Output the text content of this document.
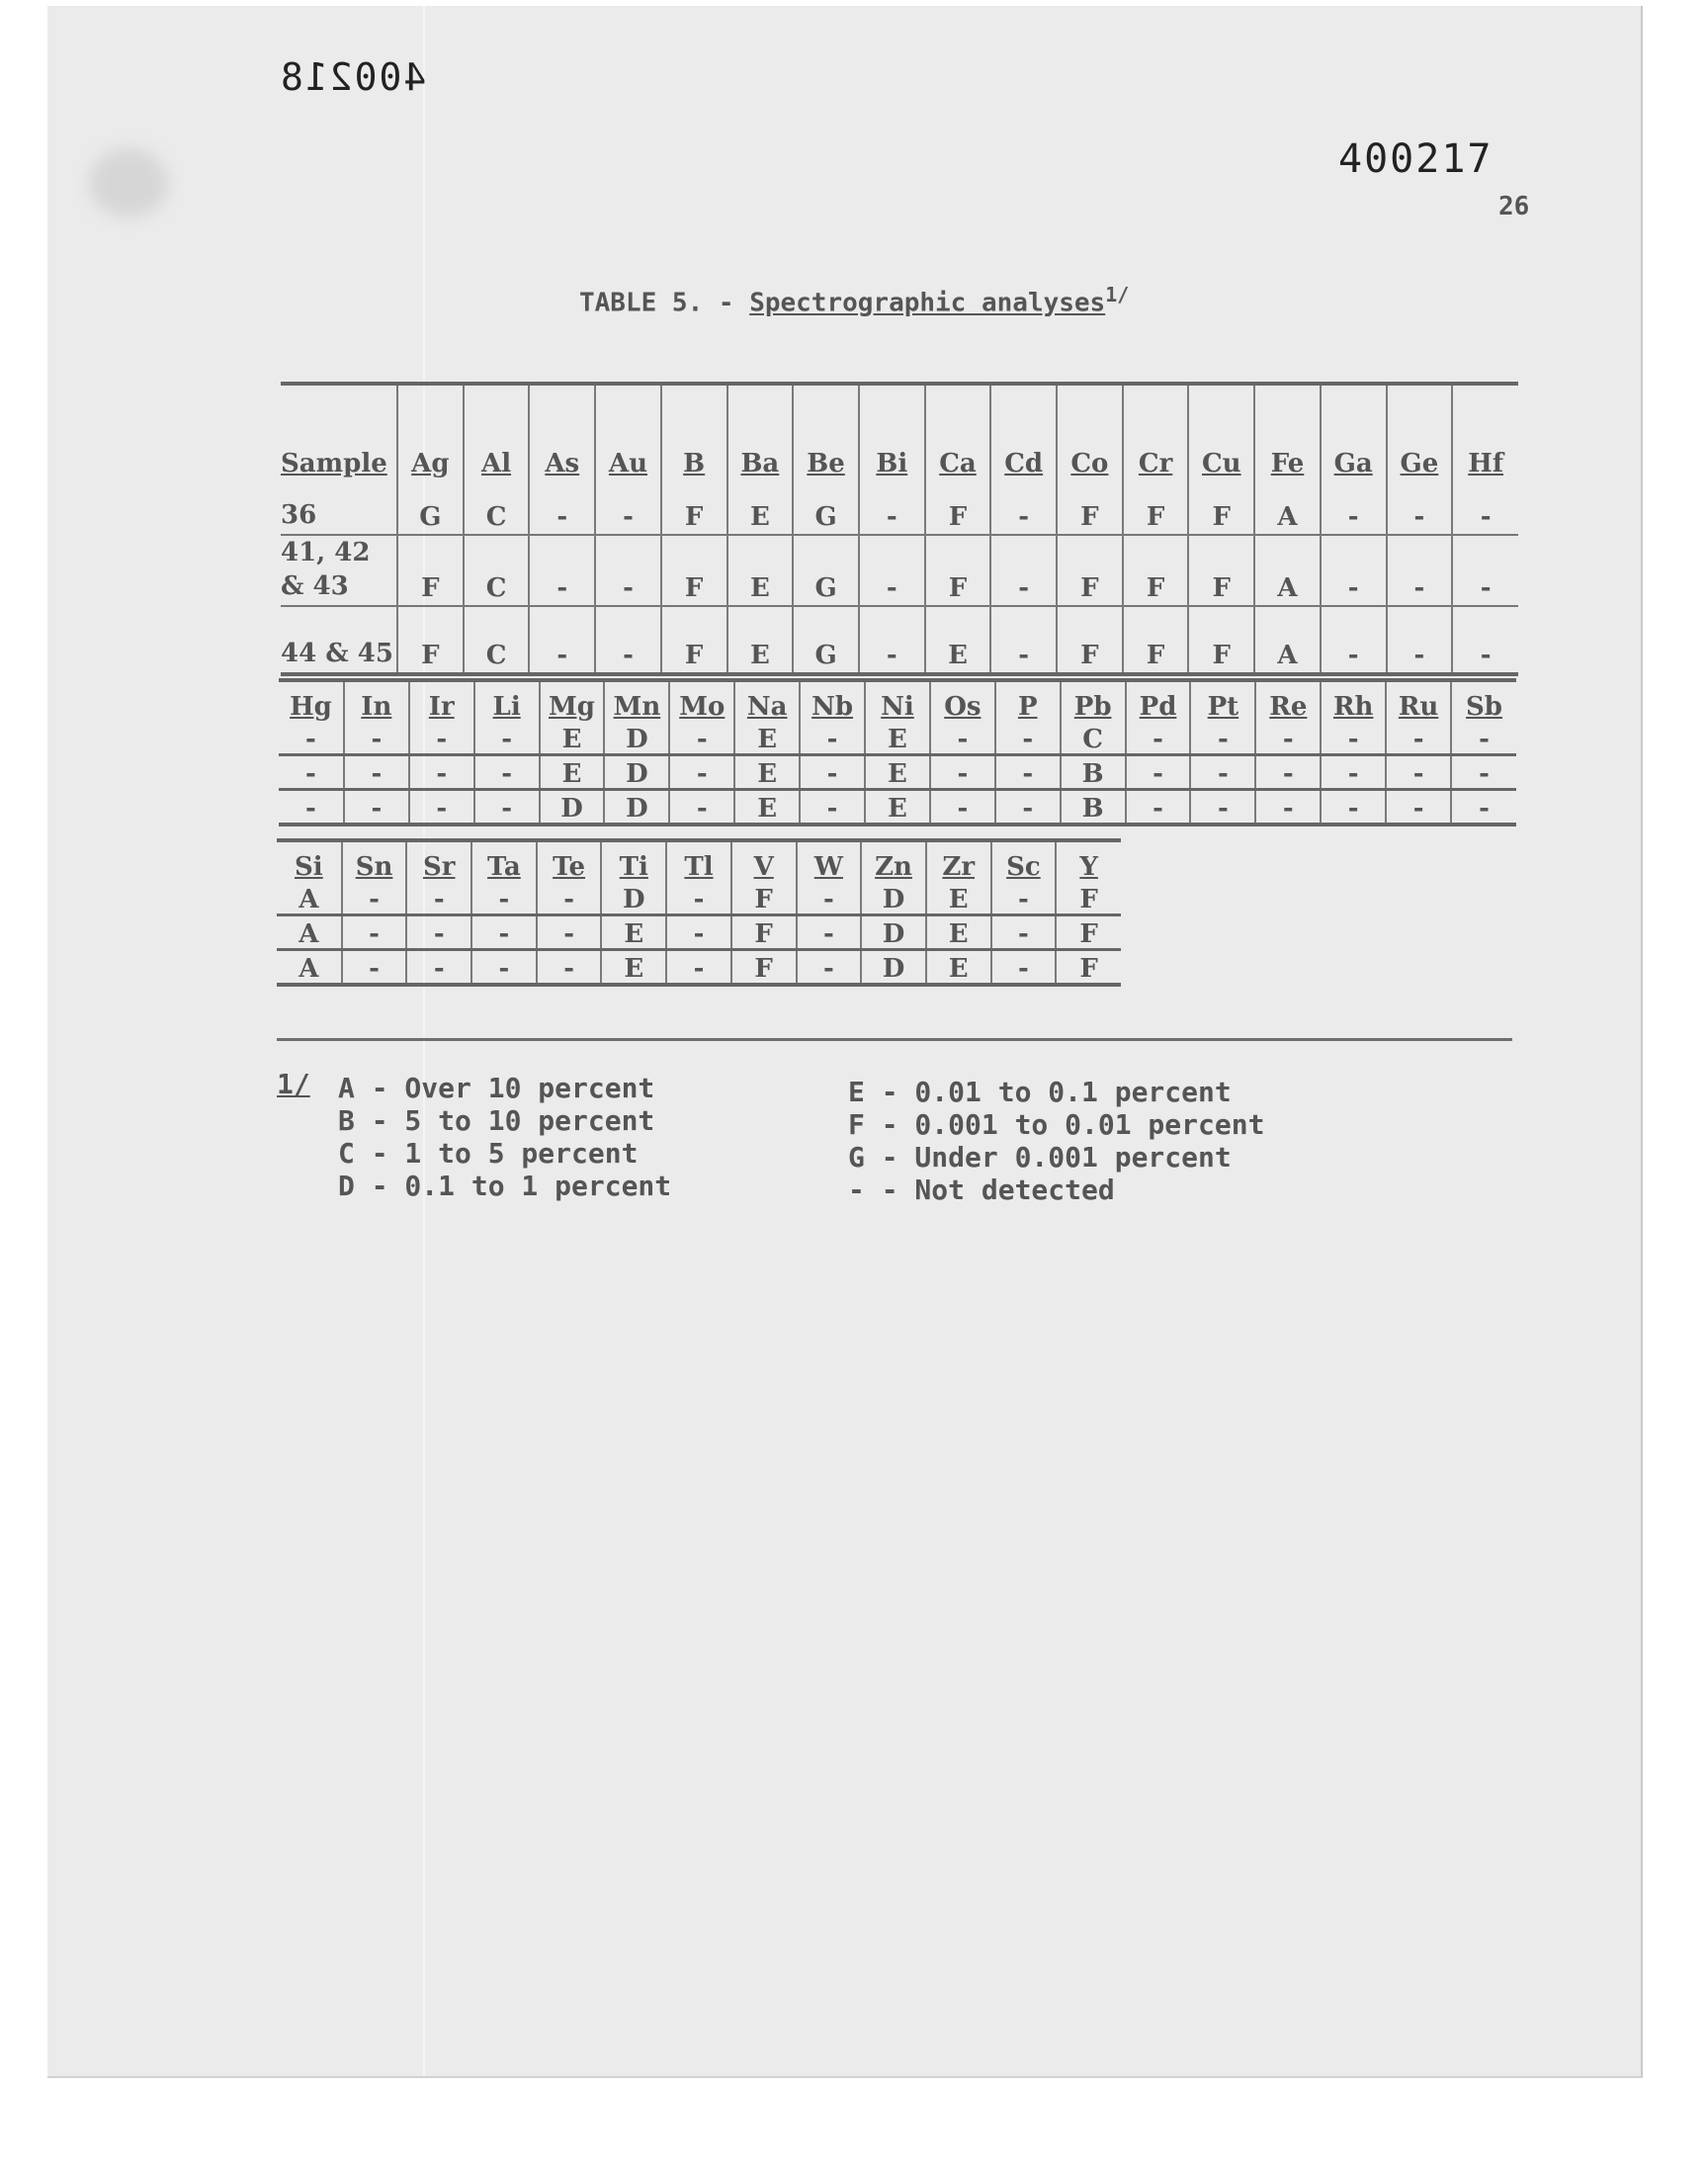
400218
400217
26
TABLE 5. - Spectrographic analyses$^{1/}$
Sample	Ag	Al	As	Au	B	Ba	Be	Bi	Ca	Cd	Co	Cr	Cu	Fe	Ga	Ge	Hf
36	G	C	-	-	F	E	G	-	F	-	F	F	F	A	-	-	-
41, 42 & 43	F	C	-	-	F	E	G	-	F	-	F	F	F	A	-	-	-
44 & 45	F	C	-	-	F	E	G	-	E	-	F	F	F	A	-	-	-
Hg	In	Ir	Li	Mg	Mn	Mo	Na	Nb	Ni	Os	P	Pb	Pd	Pt	Re	Rh	Ru	Sb
-	-	-	-	E	D	-	E	-	E	-	-	C	-	-	-	-	-	-
-	-	-	-	E	D	-	E	-	E	-	-	B	-	-	-	-	-	-
-	-	-	-	D	D	-	E	-	E	-	-	B	-	-	-	-	-	-
Si	Sn	Sr	Ta	Te	Ti	Tl	V	W	Zn	Zr	Sc	Y
A	-	-	-	-	D	-	F	-	D	E	-	F
A	-	-	-	-	E	-	F	-	D	E	-	F
A	-	-	-	-	E	-	F	-	D	E	-	F
1/ A - Over 10 percent
B - 5 to 10 percent
C - 1 to 5 percent
D - 0.1 to 1 percent
E - 0.01 to 0.1 percent
F - 0.001 to 0.01 percent
G - Under 0.001 percent
- - Not detected
